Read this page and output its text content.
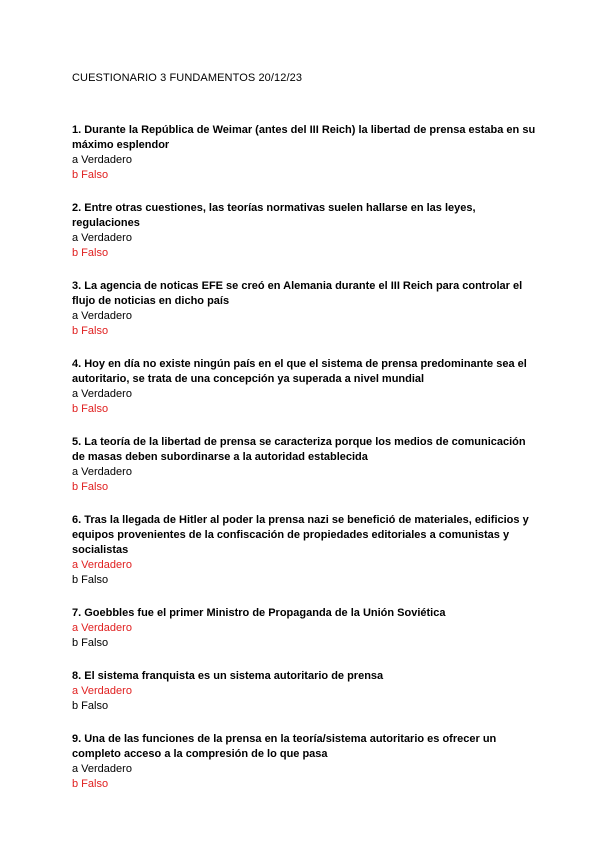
CUESTIONARIO 3 FUNDAMENTOS 20/12/23

1. Durante la República de Weimar (antes del III Reich) la libertad de prensa estaba en su máximo esplendor

a Verdadero

b Falso

2. Entre otras cuestiones, las teorías normativas suelen hallarse en las leyes, regulaciones

a Verdadero

b Falso

3. La agencia de noticas EFE se creó en Alemania durante el III Reich para controlar el flujo de noticias en dicho país

a Verdadero

b Falso

4. Hoy en día no existe ningún país en el que el sistema de prensa predominante sea el autoritario, se trata de una concepción ya superada a nivel mundial

a Verdadero

b Falso

5. La teoría de la libertad de prensa se caracteriza porque los medios de comunicación de masas deben subordinarse a la autoridad establecida

a Verdadero

b Falso

6. Tras la llegada de Hitler al poder la prensa nazi se benefició de materiales, edificios y equipos provenientes de la confiscación de propiedades editoriales a comunistas y socialistas

a Verdadero

b Falso

7. Goebbles fue el primer Ministro de Propaganda de la Unión Soviética

a Verdadero

b Falso

8. El sistema franquista es un sistema autoritario de prensa

a Verdadero

b Falso

9. Una de las funciones de la prensa en la teoría/sistema autoritario es ofrecer un completo acceso a la compresión de lo que pasa

a Verdadero

b Falso
